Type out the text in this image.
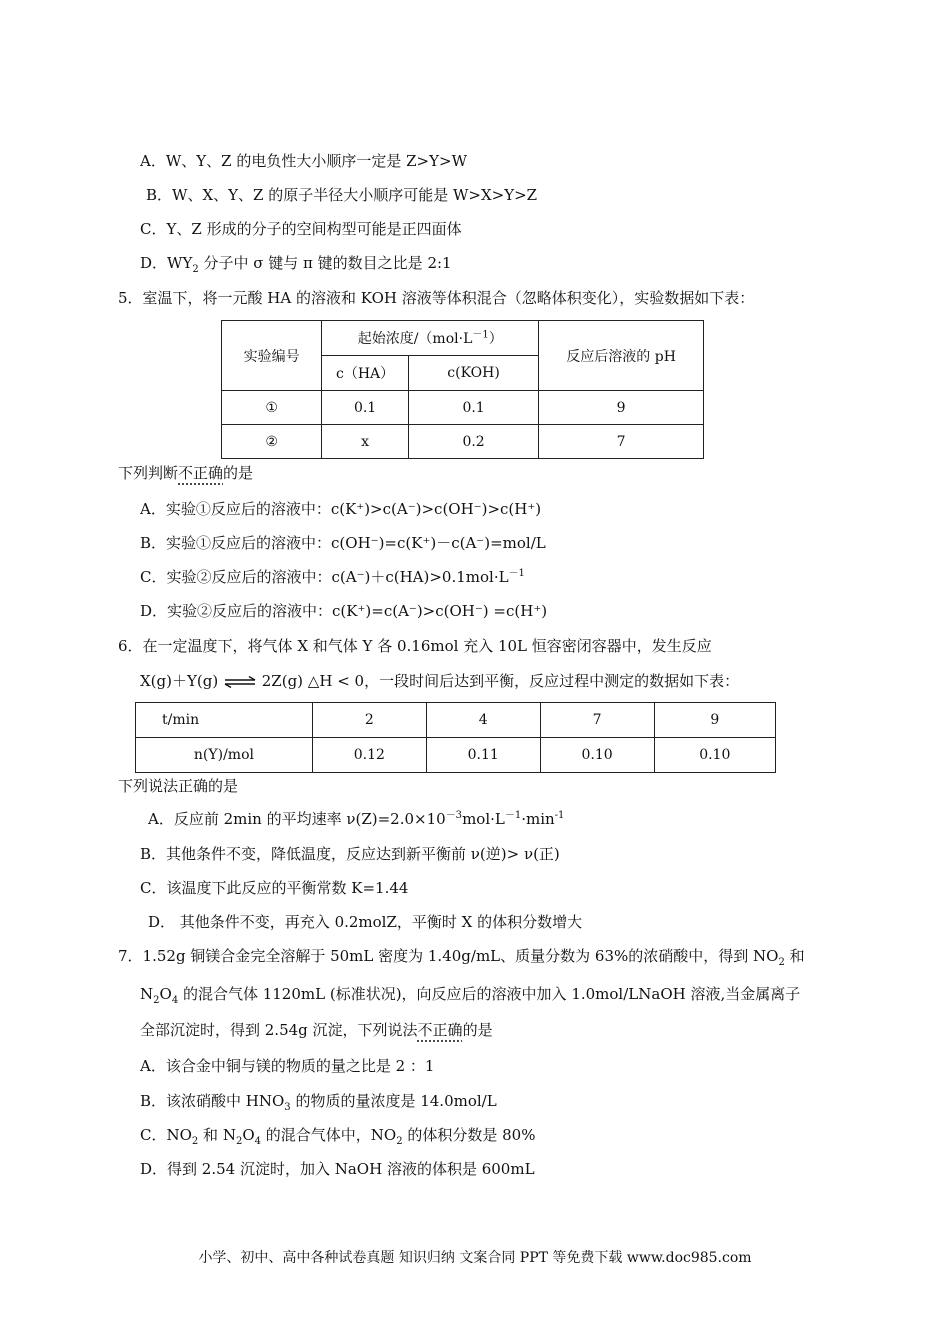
A．W、Y、Z 的电负性大小顺序一定是 Z>Y>W
B．W、X、Y、Z 的原子半径大小顺序可能是 W>X>Y>Z
C．Y、Z 形成的分子的空间构型可能是正四面体
D．$WY_2$ 分子中 σ 键与 π 键的数目之比是 2:1
5．室温下，将一元酸 HA 的溶液和 KOH 溶液等体积混合（忽略体积变化），实验数据如下表：
实验编号	起始浓度$/(mol\cdot L^{-1})$		反应后溶液的 pH
	c（HA）	c(KOH)	
①	0.1	0.1	9
②	x	0.2	7
下列判断不正确的是
A．实验①反应后的溶液中：c(K⁺)>c(A⁻)>c(OH⁻)>c(H⁺)
B．实验①反应后的溶液中：c(OH⁻)=c(K⁺)－c(A⁻)=mol/L
C．实验②反应后的溶液中：$c(A^-)+c(HA)>0.1mol\cdot L^{-1}$
D．实验②反应后的溶液中：c(K⁺)=c(A⁻)>c(OH⁻) =c(H⁺)
6．在一定温度下，将气体 X 和气体 Y 各 0.16mol 充入 10L 恒容密闭容器中，发生反应
X(g)＋Y(g) ⇌ 2Z(g) △H < 0，一段时间后达到平衡，反应过程中测定的数据如下表：
t/min	2	4	7	9
n(Y)/mol	0.12	0.11	0.10	0.10
下列说法正确的是
A．反应前 2min 的平均速率 $\nu(Z)=2.0\times 10^{-3}mol\cdot L^{-1}\cdot\min^{-1}$
B．其他条件不变，降低温度，反应达到新平衡前 ν(逆)> ν(正)
C．该温度下此反应的平衡常数 K=1.44
D． 其他条件不变，再充入 0.2molZ，平衡时 X 的体积分数增大
7．1.52g 铜镁合金完全溶解于 50mL 密度为 1.40g/mL、质量分数为 63%的浓硝酸中，得到 $NO_2$ 和
$N_2O_4$ 的混合气体 1120mL (标准状况)，向反应后的溶液中加入 1.0mol/LNaOH 溶液,当金属离子
全部沉淀时，得到 2.54g 沉淀，下列说法不正确的是
A．该合金中铜与镁的物质的量之比是 2 ：1
B．该浓硝酸中 $HNO_3$ 的物质的量浓度是 14.0mol/L
C．$NO_2$ 和 $N_2O_4$ 的混合气体中，$NO_2$ 的体积分数是 80%
D．得到 2.54 沉淀时，加入 NaOH 溶液的体积是 600mL
小学、初中、高中各种试卷真题 知识归纳 文案合同 PPT 等免费下载 www.doc985.com
